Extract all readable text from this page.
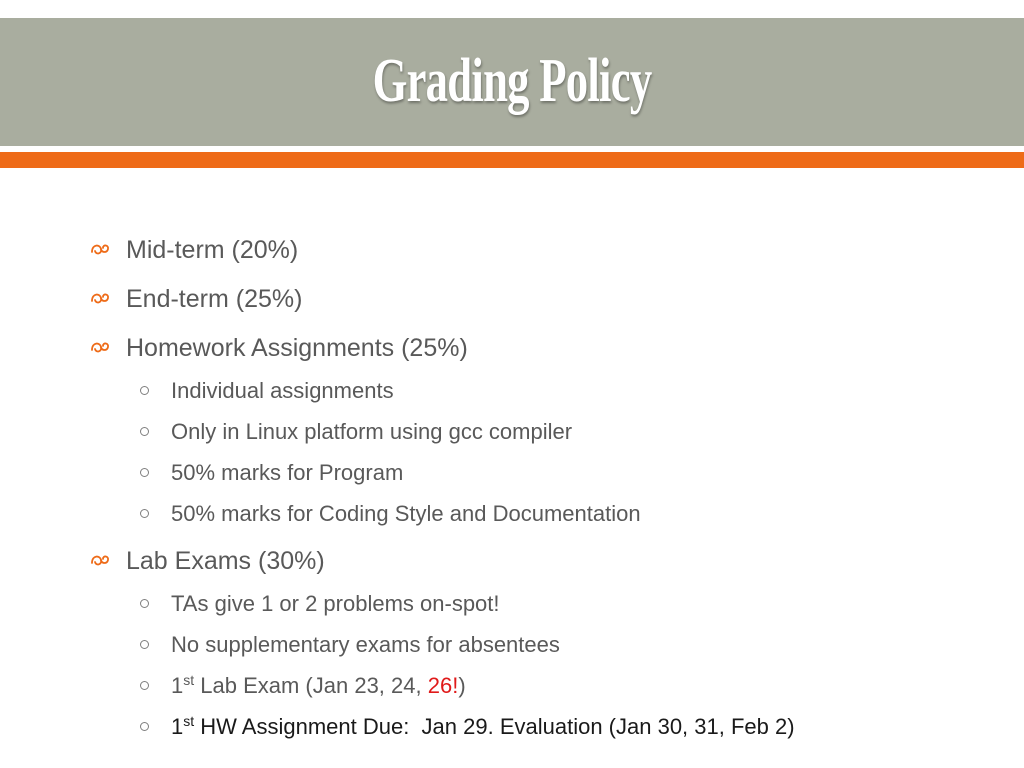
Grading Policy
Mid-term (20%)
End-term (25%)
Homework Assignments (25%)
Individual assignments
Only in Linux platform using gcc compiler
50% marks for Program
50% marks for Coding Style and Documentation
Lab Exams (30%)
TAs give 1 or 2 problems on-spot!
No supplementary exams for absentees
1st Lab Exam (Jan 23, 24, 26!)
1st HW Assignment Due:  Jan 29. Evaluation (Jan 30, 31, Feb 2)
